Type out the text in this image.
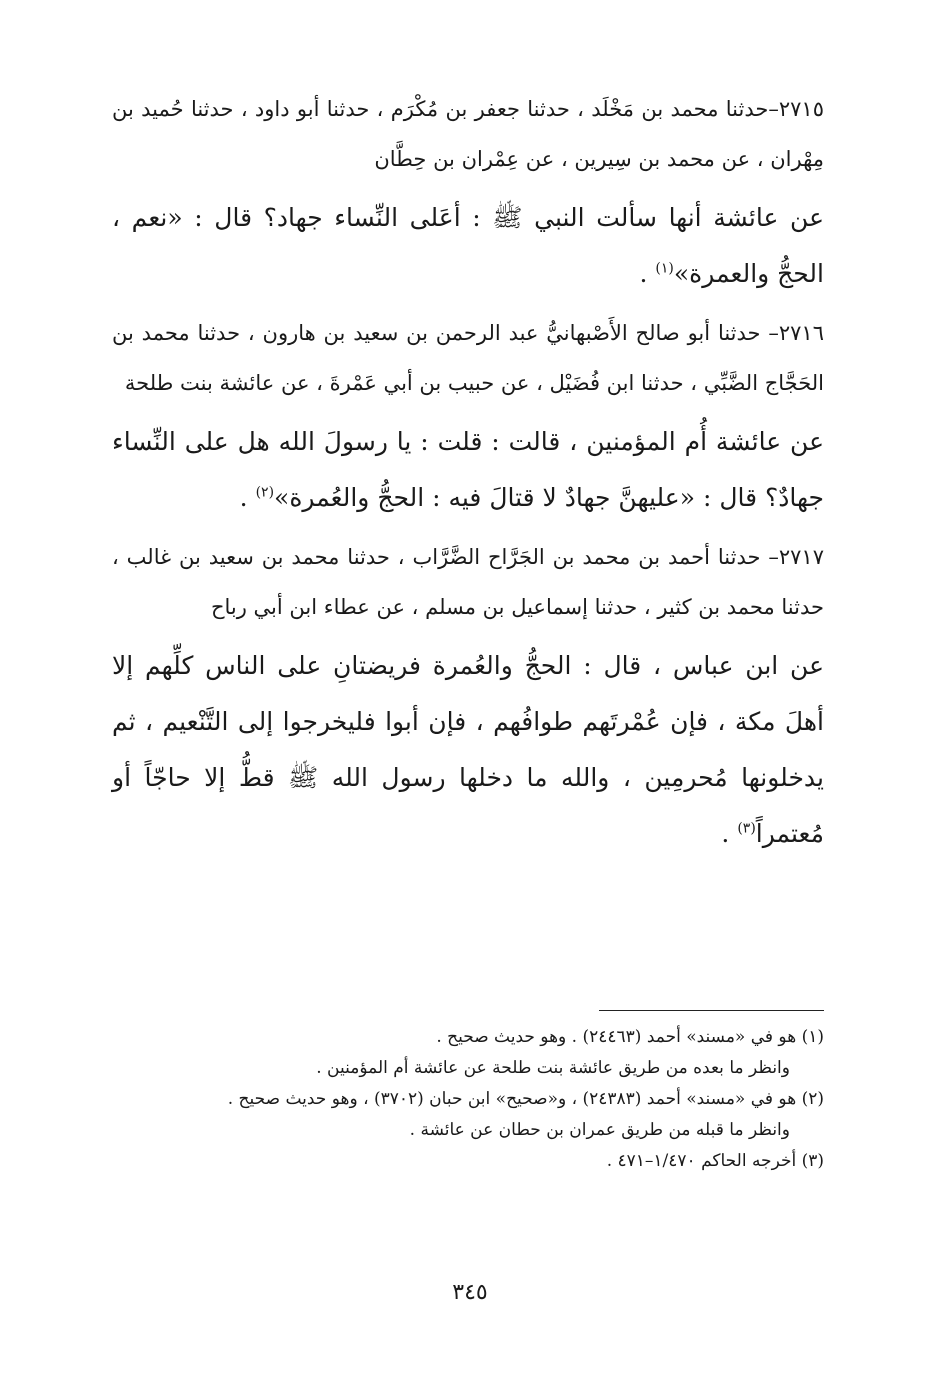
٢٧١٥–حدثنا محمد بن مَخْلَد ، حدثنا جعفر بن مُكْرَم ، حدثنا أبو داود ، حدثنا حُميد بن مِهْران ، عن محمد بن سِيرين ، عن عِمْران بن حِطَّان

عن عائشة أنها سألت النبي ﷺ : أعَلى النِّساء جهاد؟ قال : «نعم ، الحجُّ والعمرة»$^{(١)}$ .

٢٧١٦– حدثنا أبو صالح الأَصْبهانيُّ عبد الرحمن بن سعيد بن هارون ، حدثنا محمد بن الحَجَّاج الضَّبِّي ، حدثنا ابن فُضَيْل ، عن حبيب بن أبي عَمْرةَ ، عن عائشة بنت طلحة

عن عائشة أُم المؤمنين ، قالت : قلت : يا رسولَ الله هل على النِّساء جهادٌ؟ قال : «عليهنَّ جهادٌ لا قتالَ فيه : الحجُّ والعُمرة»$^{(٢)}$ .

٢٧١٧– حدثنا أحمد بن محمد بن الجَرَّاح الضَّرَّاب ، حدثنا محمد بن سعيد بن غالب ، حدثنا محمد بن كثير ، حدثنا إسماعيل بن مسلم ، عن عطاء ابن أبي رباح

عن ابن عباس ، قال : الحجُّ والعُمرة فريضتانِ على الناس كلِّهم إلا أهلَ مكة ، فإن عُمْرتَهم طوافُهم ، فإن أبوا فليخرجوا إلى التَّنْعيم ، ثم يدخلونها مُحرمِين ، والله ما دخلها رسول الله ﷺ قطُّ إلا حاجّاً أو مُعتمراً$^{(٣)}$ .

(١) هو في «مسند» أحمد (٢٤٤٦٣) . وهو حديث صحيح .

وانظر ما بعده من طريق عائشة بنت طلحة عن عائشة أم المؤمنين .

(٢) هو في «مسند» أحمد (٢٤٣٨٣) ، و«صحيح» ابن حبان (٣٧٠٢) ، وهو حديث صحيح .

وانظر ما قبله من طريق عمران بن حطان عن عائشة .

(٣) أخرجه الحاكم ١/٤٧٠–٤٧١ .

٣٤٥
